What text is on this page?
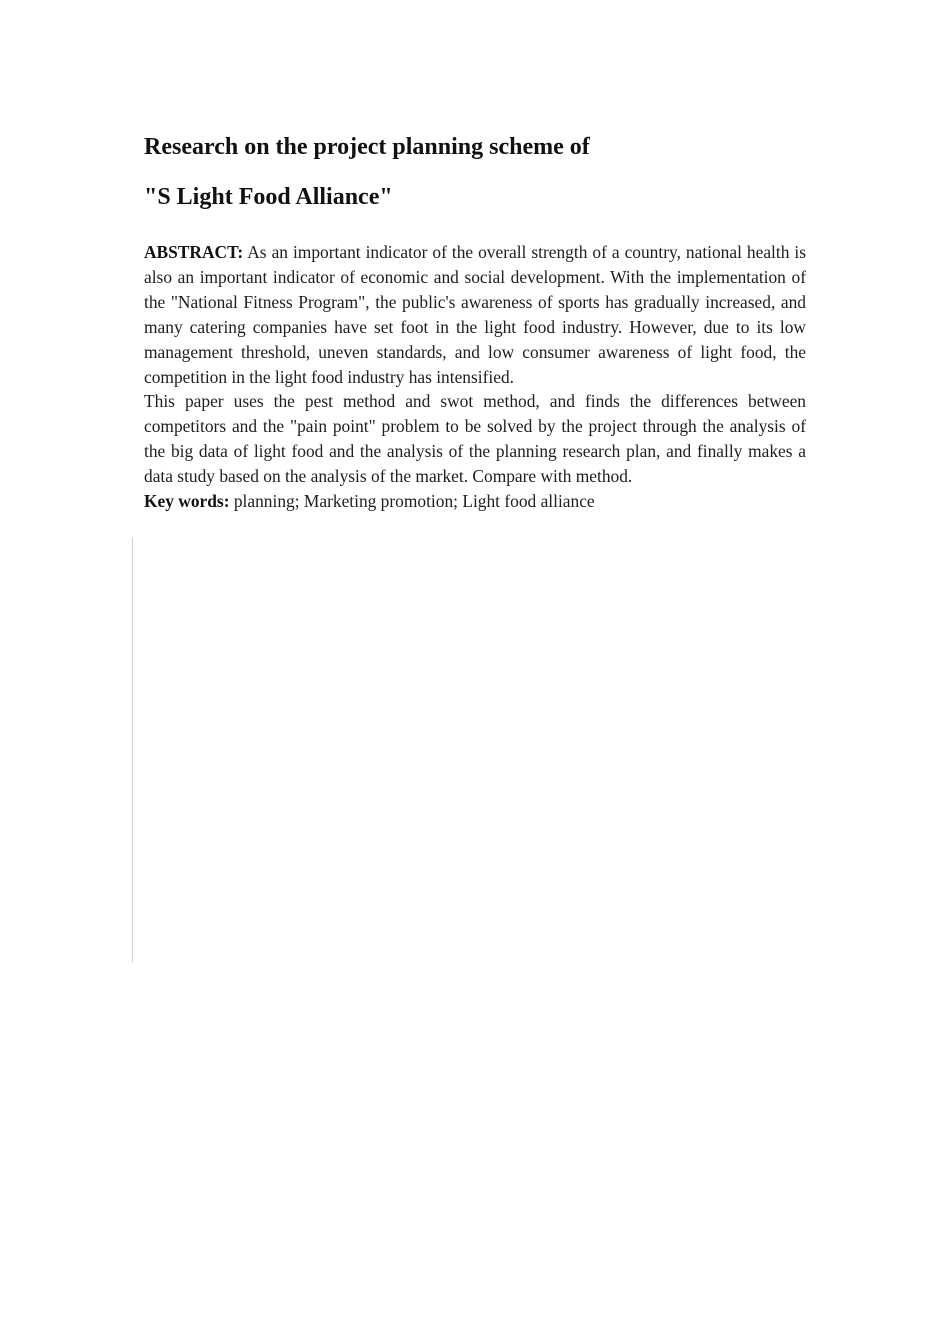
Research on the project planning scheme of

"S Light Food Alliance"

ABSTRACT: As an important indicator of the overall strength of a country, national health is also an important indicator of economic and social development. With the implementation of the "National Fitness Program", the public's awareness of sports has gradually increased, and many catering companies have set foot in the light food industry. However, due to its low management threshold, uneven standards, and low consumer awareness of light food, the competition in the light food industry has intensified.

This paper uses the pest method and swot method, and finds the differences between competitors and the "pain point" problem to be solved by the project through the analysis of the big data of light food and the analysis of the planning research plan, and finally makes a data study based on the analysis of the market. Compare with method.

Key words: planning; Marketing promotion; Light food alliance
